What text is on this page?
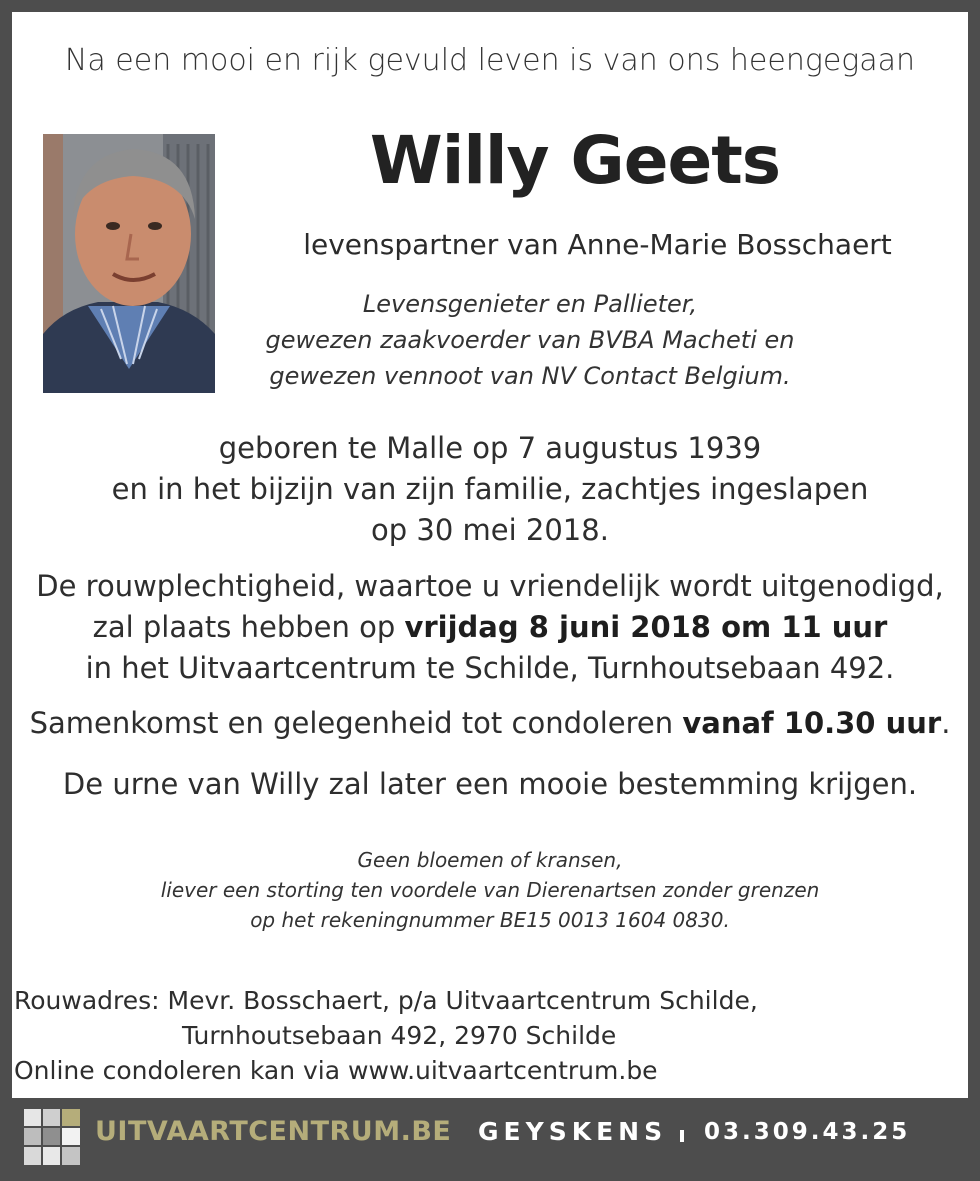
Na een mooi en rijk gevuld leven is van ons heengegaan
Willy Geets
levenspartner van Anne-Marie Bosschaert
Levensgenieter en Pallieter,
gewezen zaakvoerder van BVBA Macheti en
gewezen vennoot van NV Contact Belgium.
geboren te Malle op 7 augustus 1939
en in het bijzijn van zijn familie, zachtjes ingeslapen
op 30 mei 2018.
De rouwplechtigheid, waartoe u vriendelijk wordt uitgenodigd,
zal plaats hebben op vrijdag 8 juni 2018 om 11 uur
in het Uitvaartcentrum te Schilde, Turnhoutsebaan 492.
Samenkomst en gelegenheid tot condoleren vanaf 10.30 uur.
De urne van Willy zal later een mooie bestemming krijgen.
Geen bloemen of kransen,
liever een storting ten voordele van Dierenartsen zonder grenzen
op het rekeningnummer BE15 0013 1604 0830.
Rouwadres: Mevr. Bosschaert, p/a Uitvaartcentrum Schilde,
Turnhoutsebaan 492, 2970 Schilde
Online condoleren kan via www.uitvaartcentrum.be
UITVAARTCENTRUM.BE GEYSKENS 03.309.43.25
